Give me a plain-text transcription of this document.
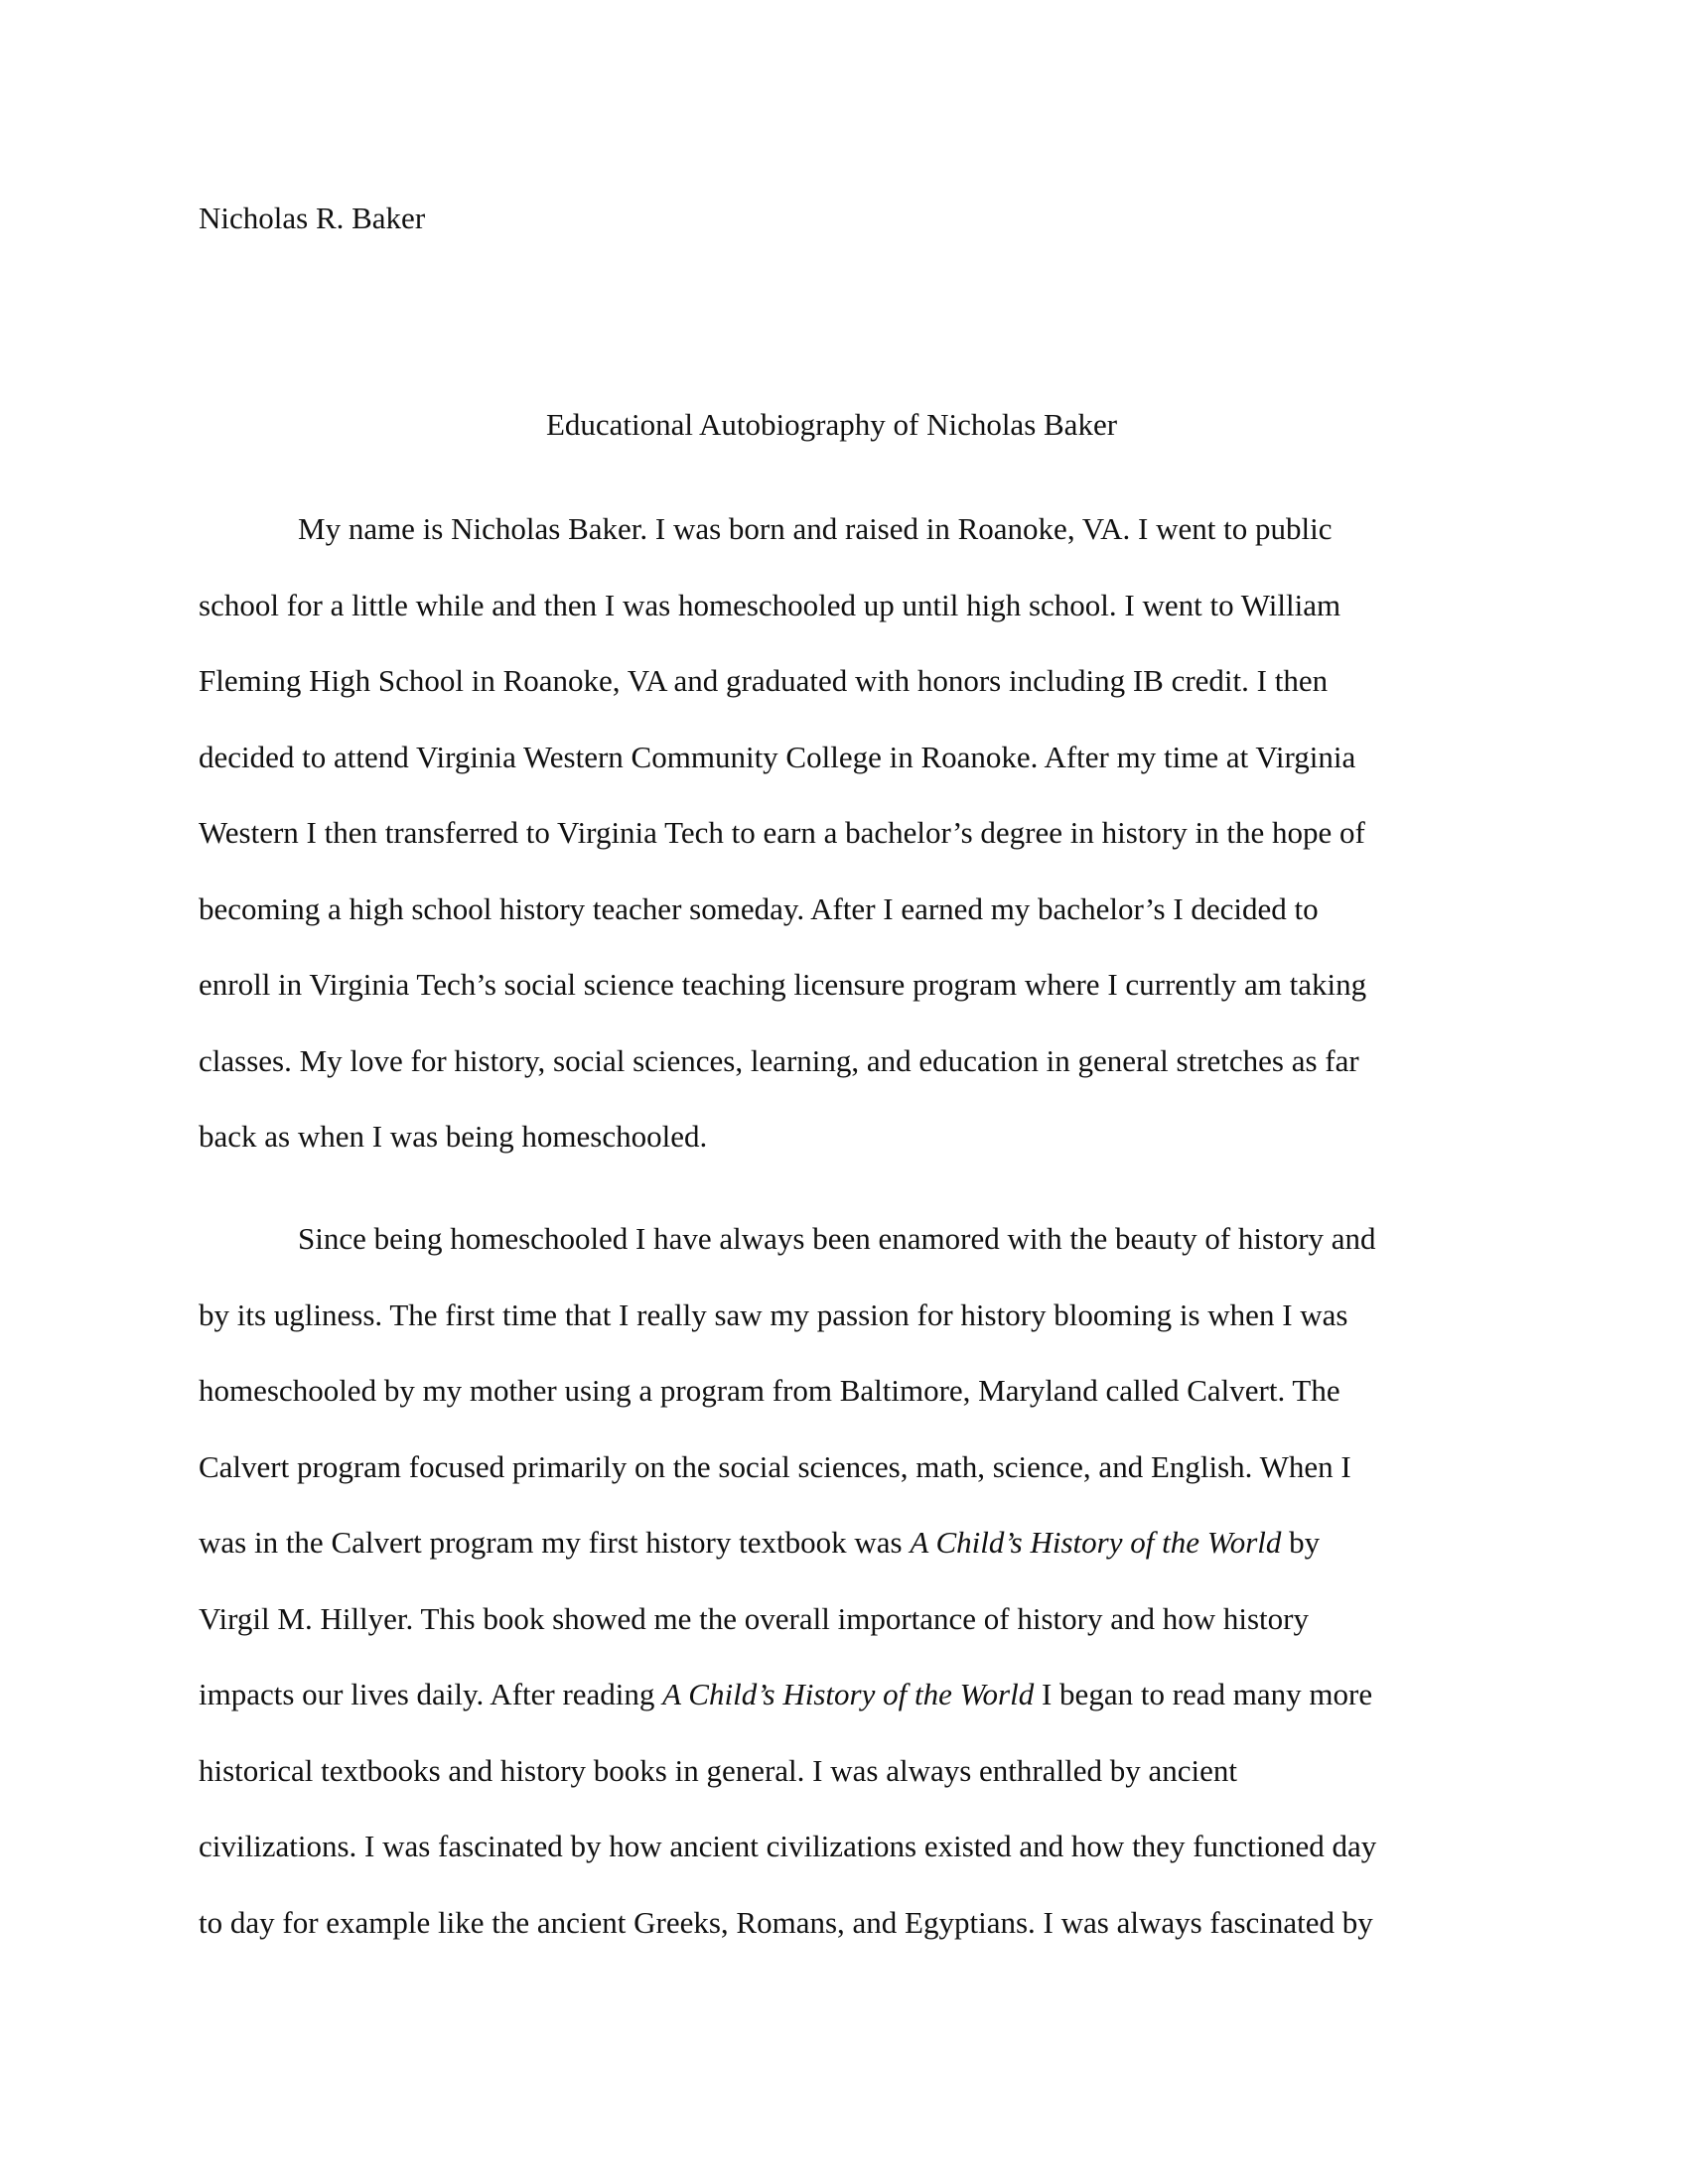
Nicholas R. Baker
Educational Autobiography of Nicholas Baker
My name is Nicholas Baker. I was born and raised in Roanoke, VA. I went to public
school for a little while and then I was homeschooled up until high school. I went to William
Fleming High School in Roanoke, VA and graduated with honors including IB credit. I then
decided to attend Virginia Western Community College in Roanoke. After my time at Virginia
Western I then transferred to Virginia Tech to earn a bachelor’s degree in history in the hope of
becoming a high school history teacher someday. After I earned my bachelor’s I decided to
enroll in Virginia Tech’s social science teaching licensure program where I currently am taking
classes. My love for history, social sciences, learning, and education in general stretches as far
back as when I was being homeschooled.
Since being homeschooled I have always been enamored with the beauty of history and
by its ugliness. The first time that I really saw my passion for history blooming is when I was
homeschooled by my mother using a program from Baltimore, Maryland called Calvert. The
Calvert program focused primarily on the social sciences, math, science, and English. When I
was in the Calvert program my first history textbook was A Child’s History of the World by
Virgil M. Hillyer. This book showed me the overall importance of history and how history
impacts our lives daily. After reading A Child’s History of the World I began to read many more
historical textbooks and history books in general. I was always enthralled by ancient
civilizations. I was fascinated by how ancient civilizations existed and how they functioned day
to day for example like the ancient Greeks, Romans, and Egyptians. I was always fascinated by
